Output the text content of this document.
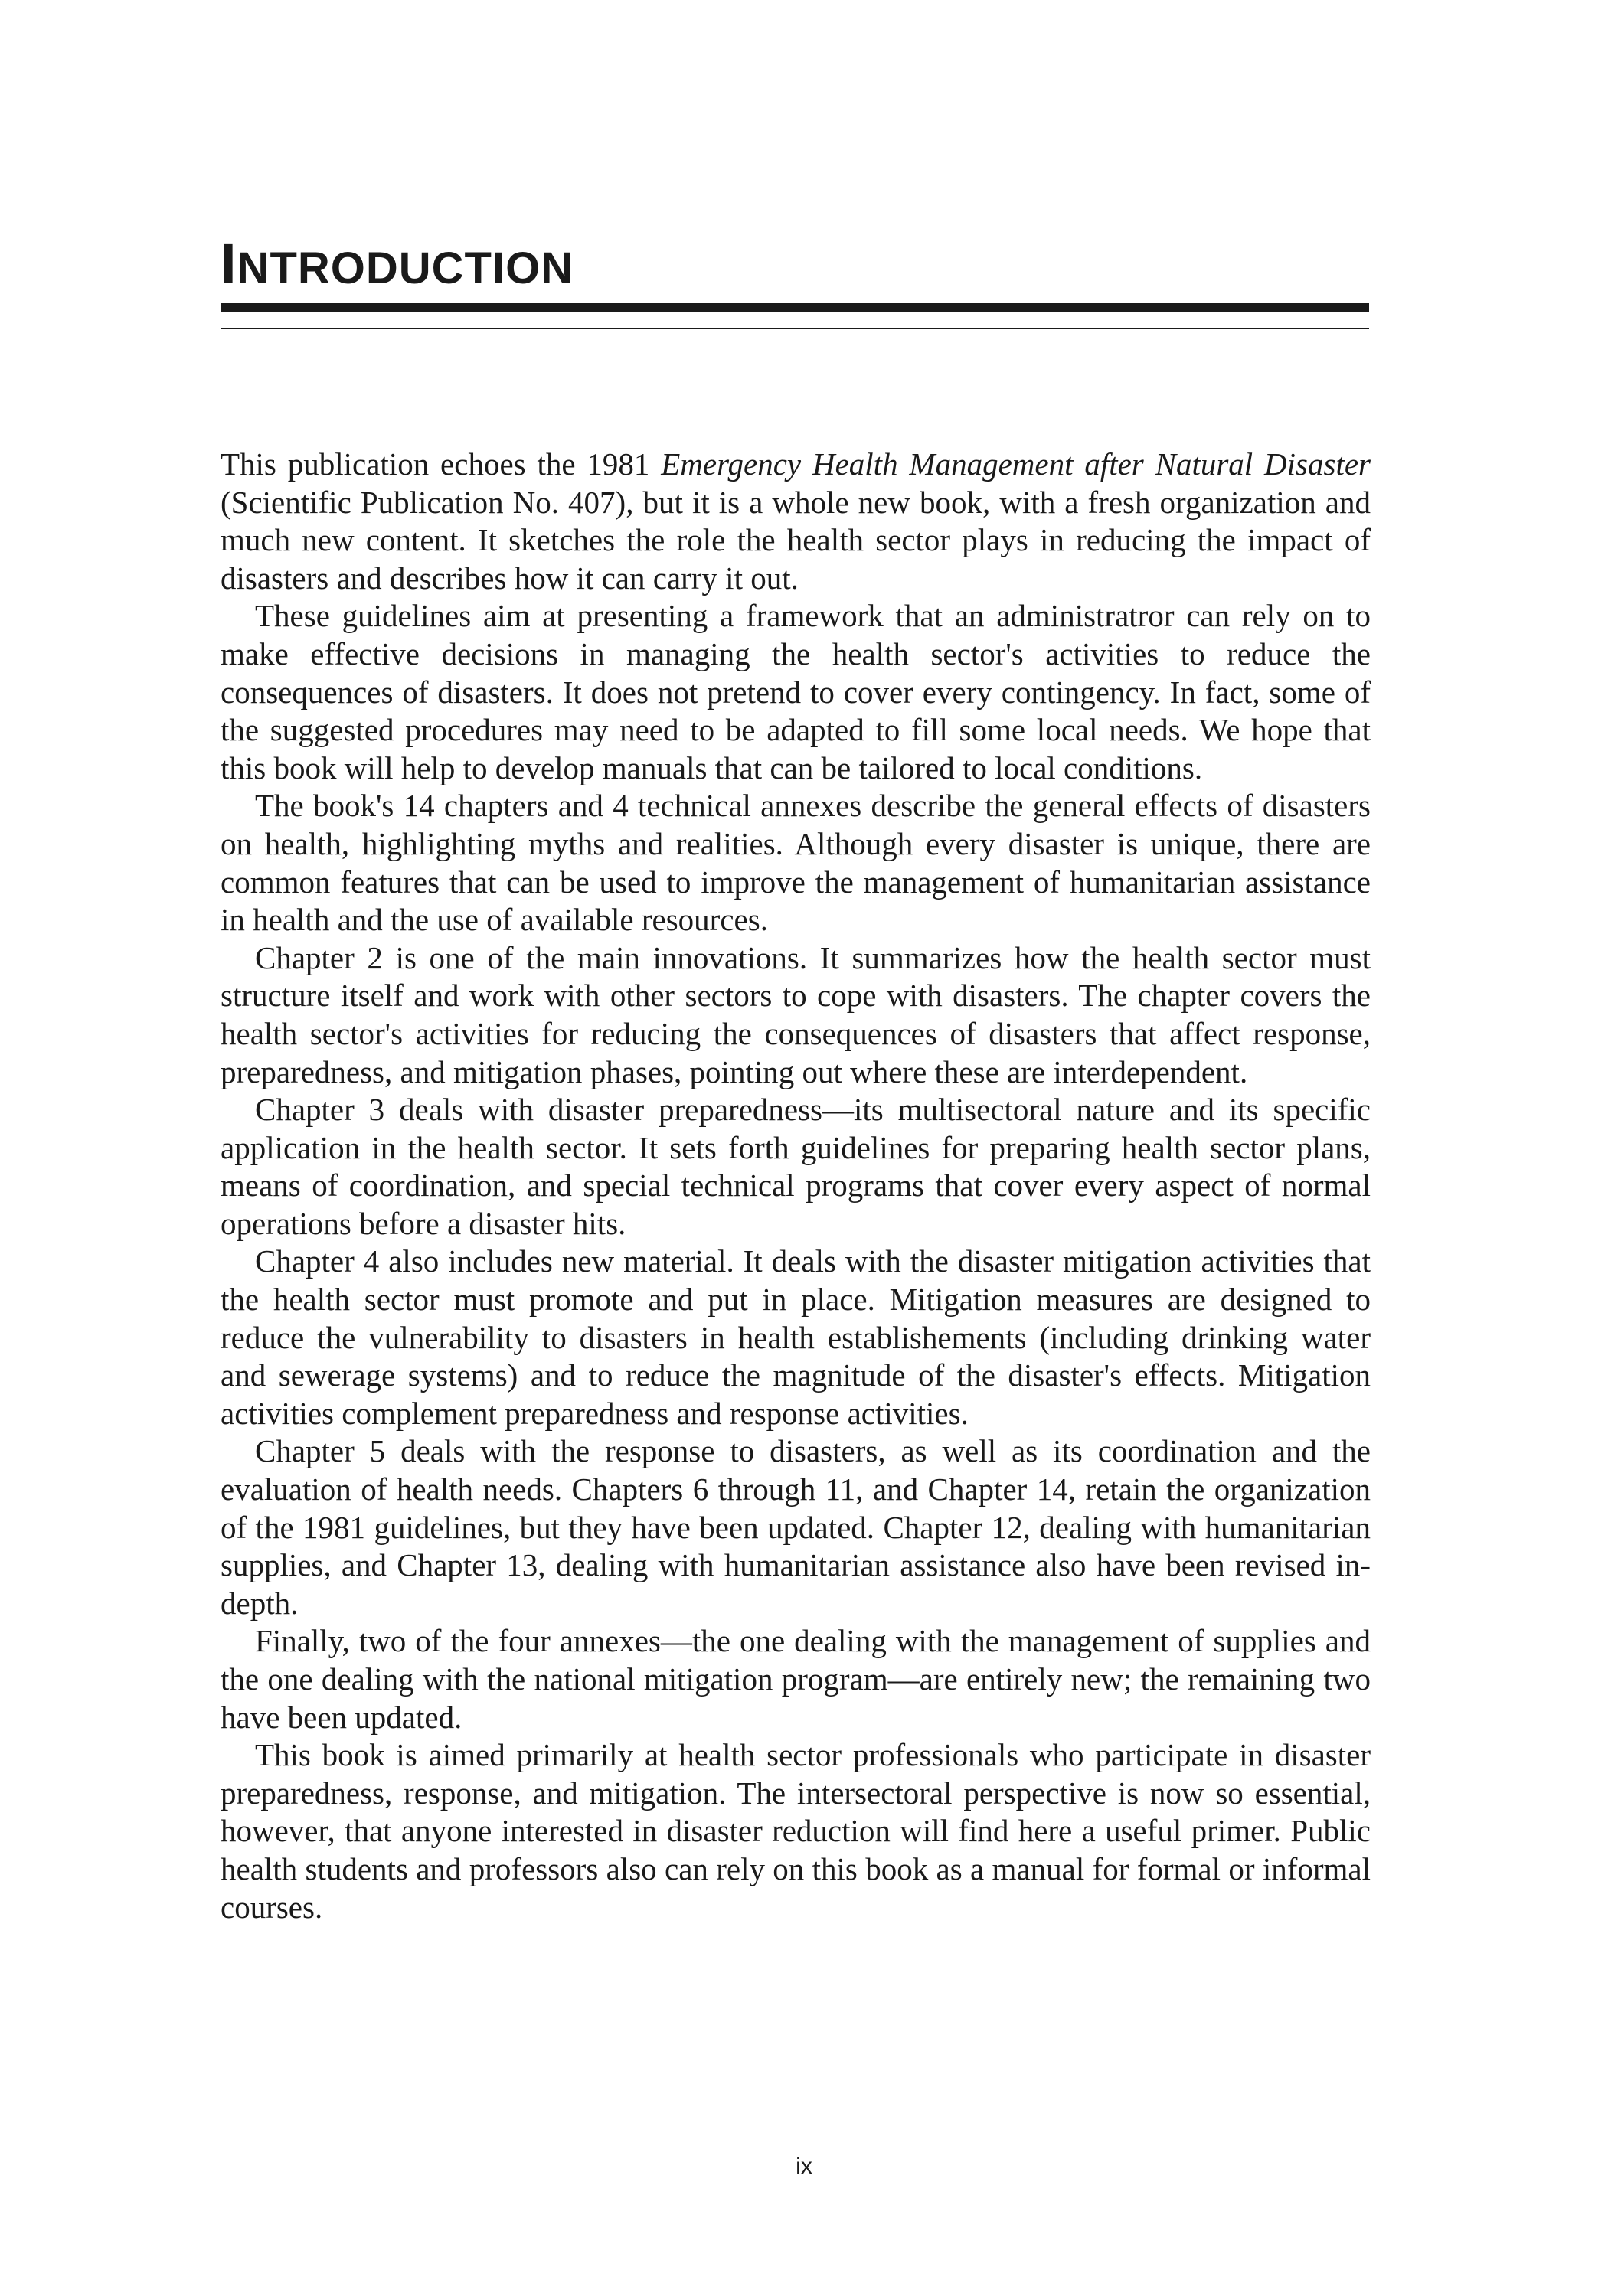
INTRODUCTION

This publication echoes the 1981 Emergency Health Management after Natural Disaster (Scientific Publication No. 407), but it is a whole new book, with a fresh organization and much new content. It sketches the role the health sector plays in reducing the impact of disasters and describes how it can carry it out.

These guidelines aim at presenting a framework that an administratror can rely on to make effective decisions in managing the health sector's activities to reduce the consequences of disasters. It does not pretend to cover every contingency. In fact, some of the suggested procedures may need to be adapted to fill some local needs. We hope that this book will help to develop manuals that can be tailored to local conditions.

The book's 14 chapters and 4 technical annexes describe the general effects of disasters on health, highlighting myths and realities. Although every disaster is unique, there are common features that can be used to improve the management of humanitarian assistance in health and the use of available resources.

Chapter 2 is one of the main innovations. It summarizes how the health sector must structure itself and work with other sectors to cope with disasters. The chapter covers the health sector's activities for reducing the consequences of disasters that affect response, preparedness, and mitigation phases, pointing out where these are interdependent.

Chapter 3 deals with disaster preparedness—its multisectoral nature and its specific application in the health sector. It sets forth guidelines for preparing health sector plans, means of coordination, and special technical programs that cover every aspect of normal operations before a disaster hits.

Chapter 4 also includes new material. It deals with the disaster mitigation activities that the health sector must promote and put in place. Mitigation measures are designed to reduce the vulnerability to disasters in health establishements (including drinking water and sewerage systems) and to reduce the magnitude of the disaster's effects. Mitigation activities complement preparedness and response activities.

Chapter 5 deals with the response to disasters, as well as its coordination and the evaluation of health needs. Chapters 6 through 11, and Chapter 14, retain the organization of the 1981 guidelines, but they have been updated. Chapter 12, dealing with humanitarian supplies, and Chapter 13, dealing with humanitarian assistance also have been revised in-depth.

Finally, two of the four annexes—the one dealing with the management of supplies and the one dealing with the national mitigation program—are entirely new; the remaining two have been updated.

This book is aimed primarily at health sector professionals who participate in disaster preparedness, response, and mitigation. The intersectoral perspective is now so essential, however, that anyone interested in disaster reduction will find here a useful primer. Public health students and professors also can rely on this book as a manual for formal or informal courses.

ix
